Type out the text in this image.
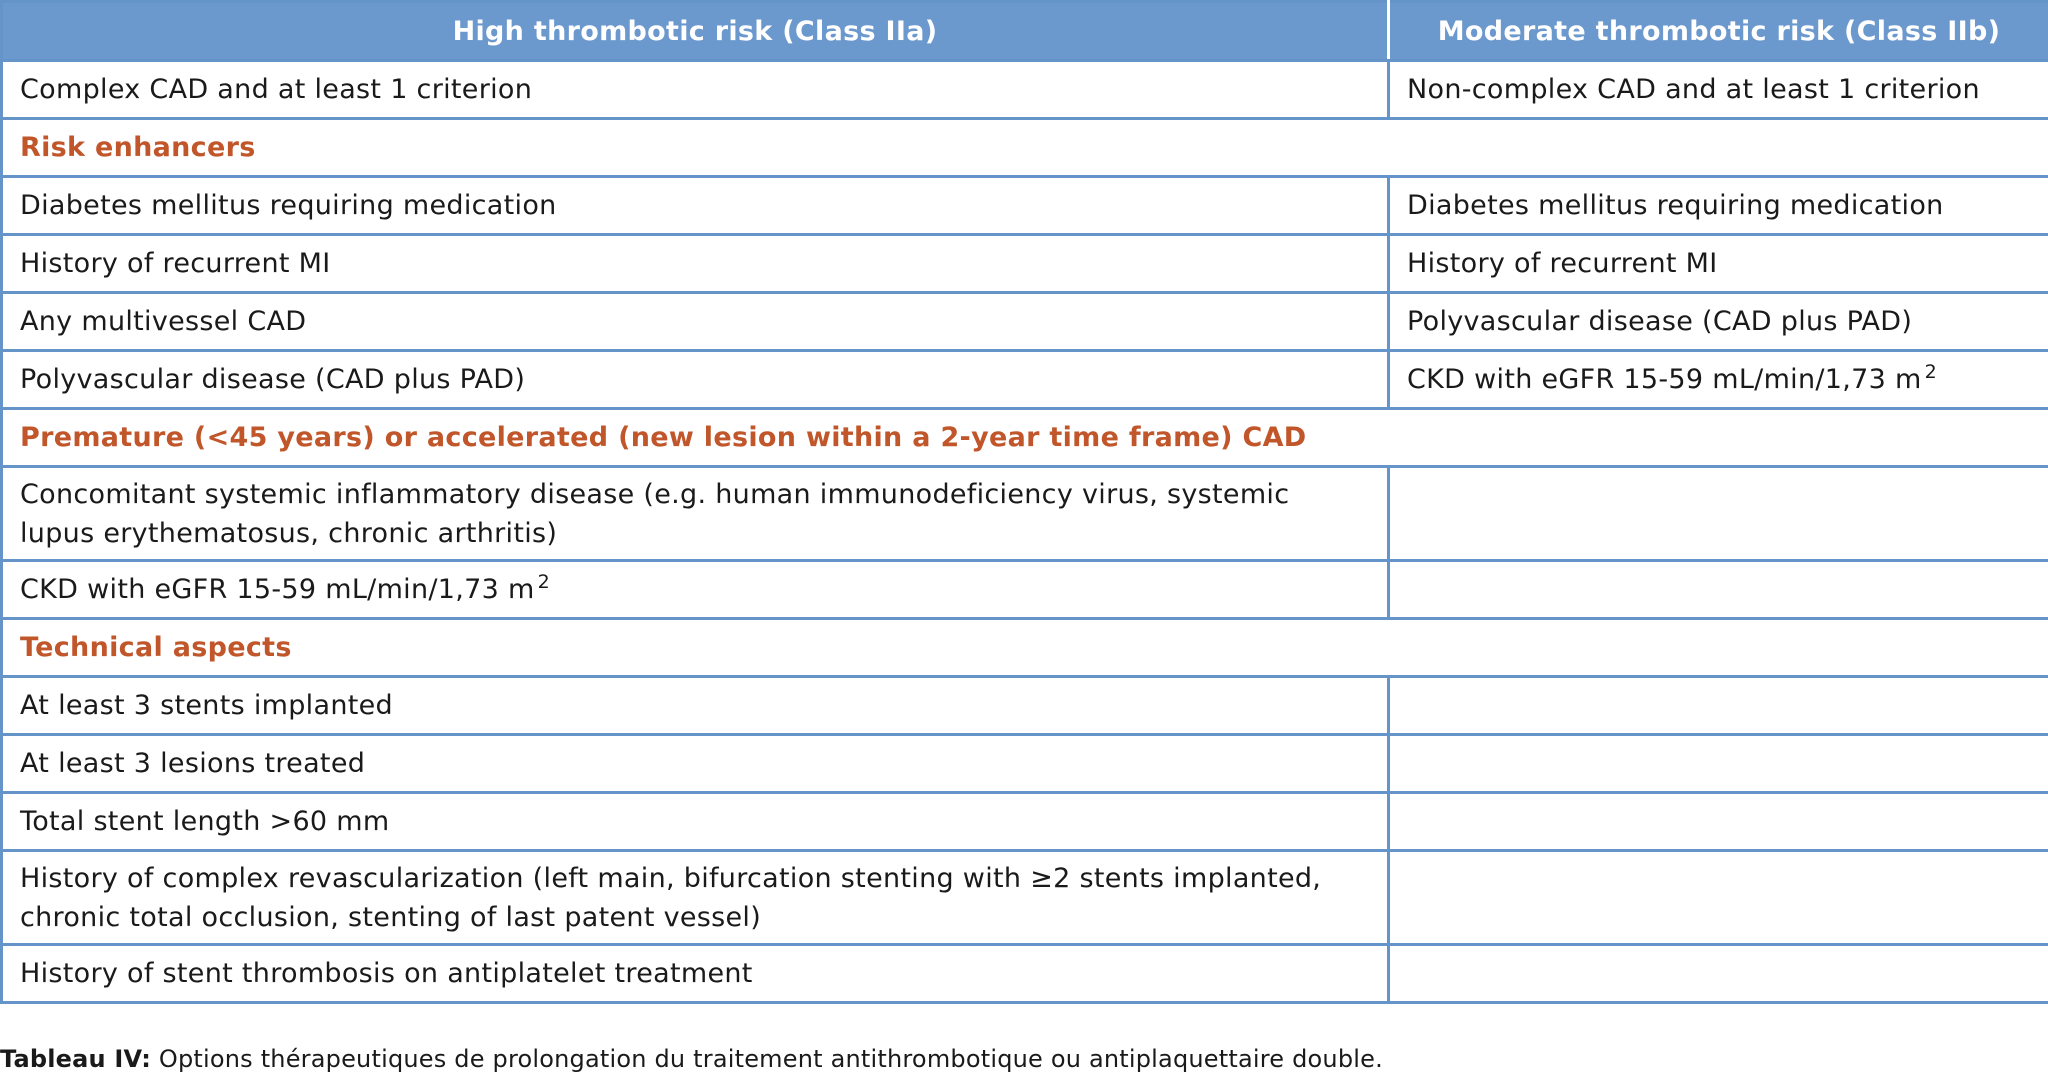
High thrombotic risk (Class IIa)	Moderate thrombotic risk (Class IIb)
Complex CAD and at least 1 criterion	Non-complex CAD and at least 1 criterion
Risk enhancers	
Diabetes mellitus requiring medication	Diabetes mellitus requiring medication
History of recurrent MI	History of recurrent MI
Any multivessel CAD	Polyvascular disease (CAD plus PAD)
Polyvascular disease (CAD plus PAD)	CKD with eGFR 15-59 mL/min/1,73 m $^2$
Premature (<45 years) or accelerated (new lesion within a 2-year time frame) CAD	
Concomitant systemic inflammatory disease (e.g. human immunodeficiency virus, systemic
lupus erythematosus, chronic arthritis)	
CKD with eGFR 15-59 mL/min/1,73 m $^2$	
Technical aspects	
At least 3 stents implanted	
At least 3 lesions treated	
Total stent length >60 mm	
History of complex revascularization (left main, bifurcation stenting with ≥2 stents implanted,
chronic total occlusion, stenting of last patent vessel)	
History of stent thrombosis on antiplatelet treatment	
Tableau IV: Options thérapeutiques de prolongation du traitement antithrombotique ou antiplaquettaire double.
